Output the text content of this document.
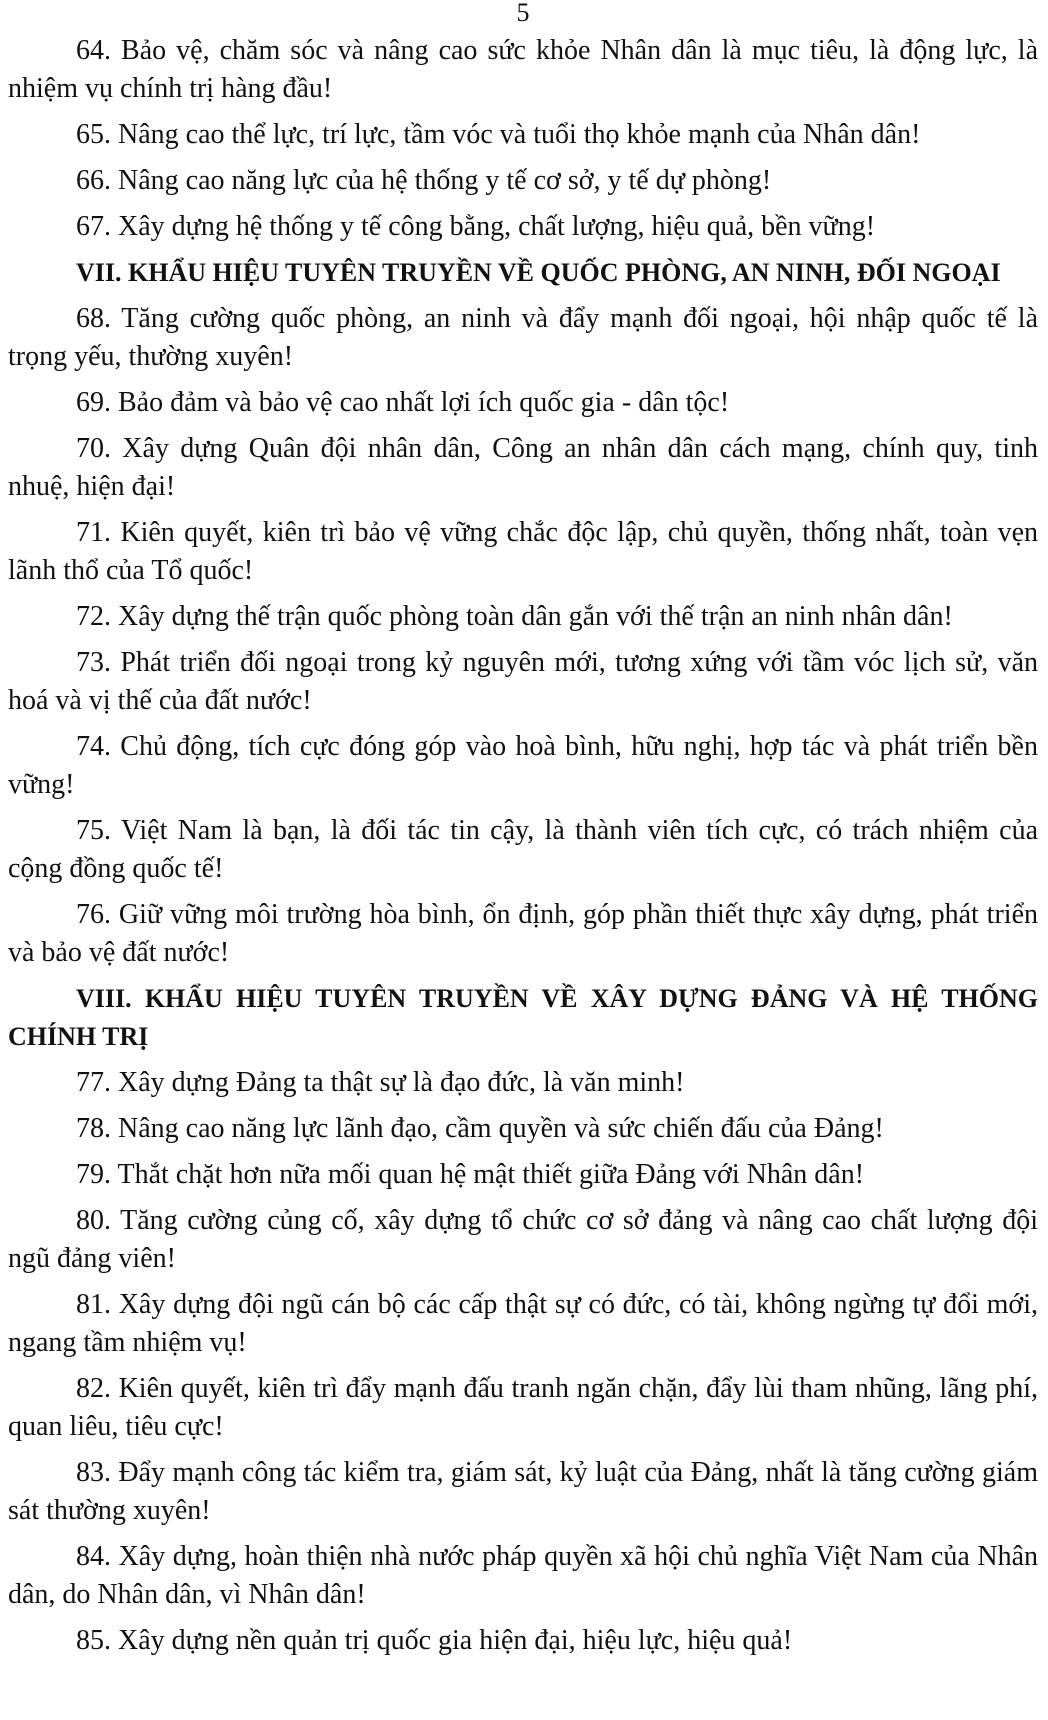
5

64. Bảo vệ, chăm sóc và nâng cao sức khỏe Nhân dân là mục tiêu, là động lực, là nhiệm vụ chính trị hàng đầu!

65. Nâng cao thể lực, trí lực, tầm vóc và tuổi thọ khỏe mạnh của Nhân dân!

66. Nâng cao năng lực của hệ thống y tế cơ sở, y tế dự phòng!

67. Xây dựng hệ thống y tế công bằng, chất lượng, hiệu quả, bền vững!

VII. KHẨU HIỆU TUYÊN TRUYỀN VỀ QUỐC PHÒNG, AN NINH, ĐỐI NGOẠI

68. Tăng cường quốc phòng, an ninh và đẩy mạnh đối ngoại, hội nhập quốc tế là trọng yếu, thường xuyên!

69. Bảo đảm và bảo vệ cao nhất lợi ích quốc gia - dân tộc!

70. Xây dựng Quân đội nhân dân, Công an nhân dân cách mạng, chính quy, tinh nhuệ, hiện đại!

71. Kiên quyết, kiên trì bảo vệ vững chắc độc lập, chủ quyền, thống nhất, toàn vẹn lãnh thổ của Tổ quốc!

72. Xây dựng thế trận quốc phòng toàn dân gắn với thế trận an ninh nhân dân!

73. Phát triển đối ngoại trong kỷ nguyên mới, tương xứng với tầm vóc lịch sử, văn hoá và vị thế của đất nước!

74. Chủ động, tích cực đóng góp vào hoà bình, hữu nghị, hợp tác và phát triển bền vững!

75. Việt Nam là bạn, là đối tác tin cậy, là thành viên tích cực, có trách nhiệm của cộng đồng quốc tế!

76. Giữ vững môi trường hòa bình, ổn định, góp phần thiết thực xây dựng, phát triển và bảo vệ đất nước!

VIII. KHẨU HIỆU TUYÊN TRUYỀN VỀ XÂY DỰNG ĐẢNG VÀ HỆ THỐNG CHÍNH TRỊ

77. Xây dựng Đảng ta thật sự là đạo đức, là văn minh!

78. Nâng cao năng lực lãnh đạo, cầm quyền và sức chiến đấu của Đảng!

79. Thắt chặt hơn nữa mối quan hệ mật thiết giữa Đảng với Nhân dân!

80. Tăng cường củng cố, xây dựng tổ chức cơ sở đảng và nâng cao chất lượng đội ngũ đảng viên!

81. Xây dựng đội ngũ cán bộ các cấp thật sự có đức, có tài, không ngừng tự đổi mới, ngang tầm nhiệm vụ!

82. Kiên quyết, kiên trì đẩy mạnh đấu tranh ngăn chặn, đẩy lùi tham nhũng, lãng phí, quan liêu, tiêu cực!

83. Đẩy mạnh công tác kiểm tra, giám sát, kỷ luật của Đảng, nhất là tăng cường giám sát thường xuyên!

84. Xây dựng, hoàn thiện nhà nước pháp quyền xã hội chủ nghĩa Việt Nam của Nhân dân, do Nhân dân, vì Nhân dân!

85. Xây dựng nền quản trị quốc gia hiện đại, hiệu lực, hiệu quả!
